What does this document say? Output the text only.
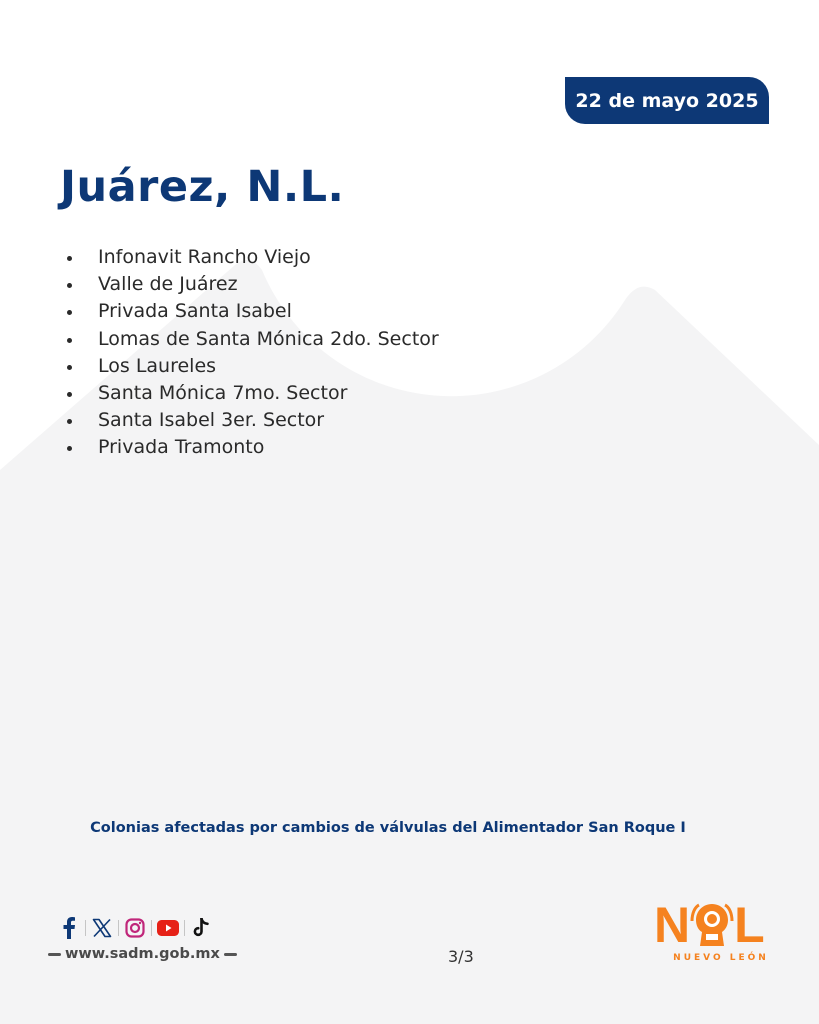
22 de mayo 2025
Juárez, N.L.
Infonavit Rancho Viejo
Valle de Juárez
Privada Santa Isabel
Lomas de Santa Mónica 2do. Sector
Los Laureles
Santa Mónica 7mo. Sector
Santa Isabel 3er. Sector
Privada Tramonto
Colonias afectadas por cambios de válvulas del Alimentador San Roque I
www.sadm.gob.mx	3/3
N L
NUEVO LEÓN
